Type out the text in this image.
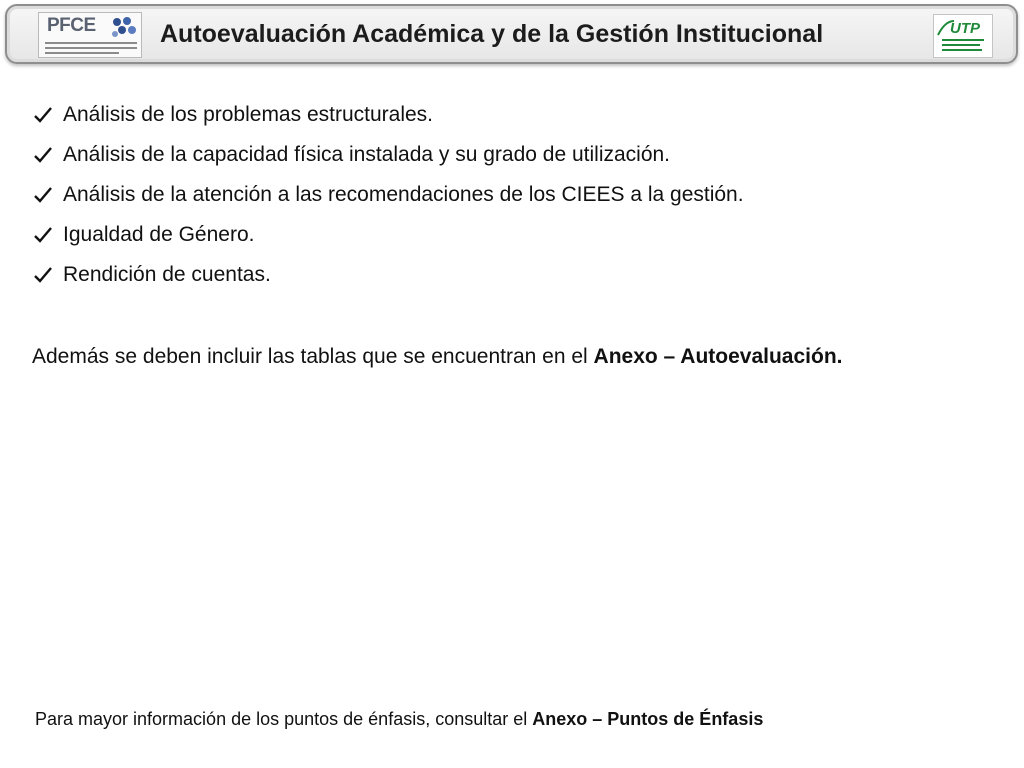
PFCE	Autoevaluación Académica y de la Gestión Institucional	UTP
Análisis de los problemas estructurales.
Análisis de la capacidad física instalada y su grado de utilización.
Análisis de la atención a las recomendaciones de los CIEES a la gestión.
Igualdad de Género.
Rendición de cuentas.

Además se deben incluir las tablas que se encuentran en el Anexo – Autoevaluación.

Para mayor información de los puntos de énfasis, consultar el Anexo – Puntos de Énfasis
